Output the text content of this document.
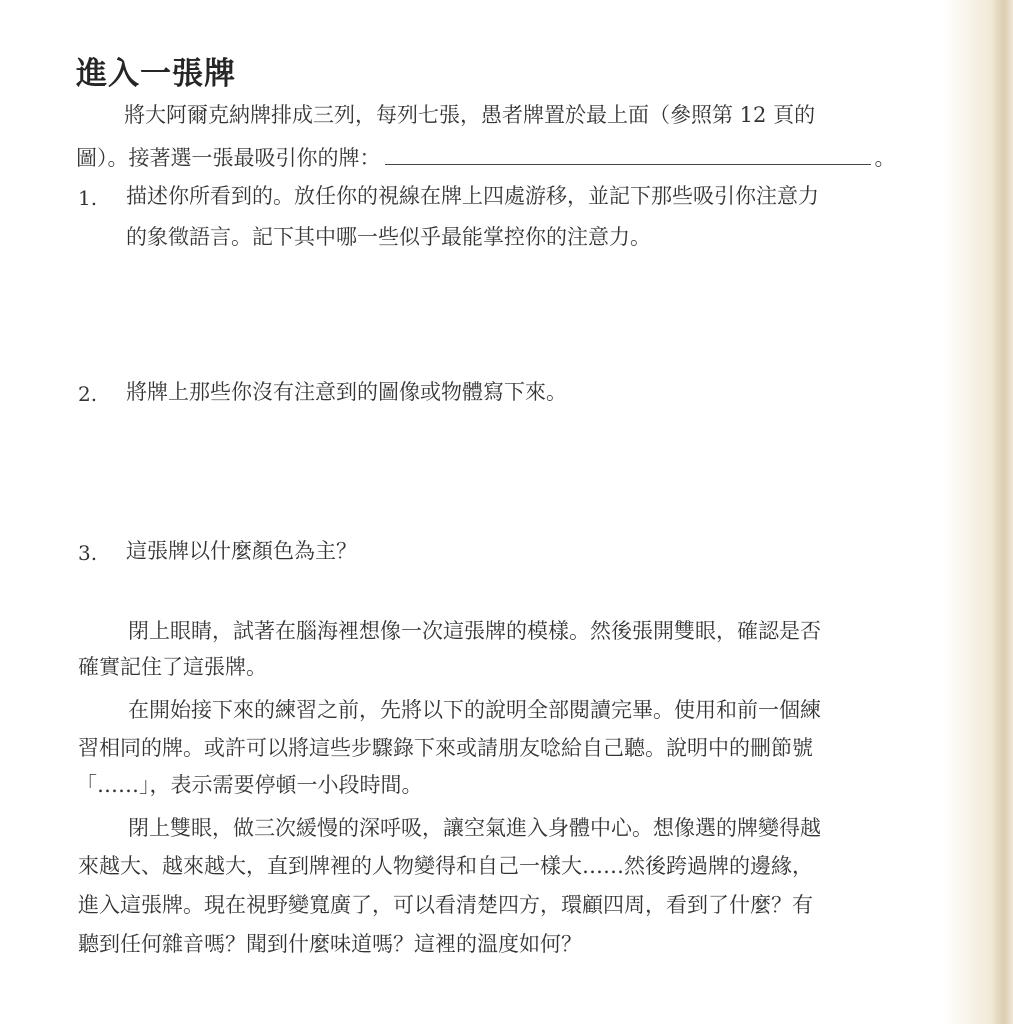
進入一張牌
將大阿爾克納牌排成三列，每列七張，愚者牌置於最上面（參照第 12 頁的
圖）。接著選一張最吸引你的牌：	。
1. 描述你所看到的。放任你的視線在牌上四處游移，並記下那些吸引你注意力
的象徵語言。記下其中哪一些似乎最能掌控你的注意力。
2. 將牌上那些你沒有注意到的圖像或物體寫下來。
3. 這張牌以什麼顏色為主？
閉上眼睛，試著在腦海裡想像一次這張牌的模樣。然後張開雙眼，確認是否
確實記住了這張牌。
在開始接下來的練習之前，先將以下的說明全部閱讀完畢。使用和前一個練
習相同的牌。或許可以將這些步驟錄下來或請朋友唸給自己聽。說明中的刪節號
「……」，表示需要停頓一小段時間。
閉上雙眼，做三次緩慢的深呼吸，讓空氣進入身體中心。想像選的牌變得越
來越大、越來越大，直到牌裡的人物變得和自己一樣大……然後跨過牌的邊緣，
進入這張牌。現在視野變寬廣了，可以看清楚四方，環顧四周，看到了什麼？有
聽到任何雜音嗎？聞到什麼味道嗎？這裡的溫度如何？
